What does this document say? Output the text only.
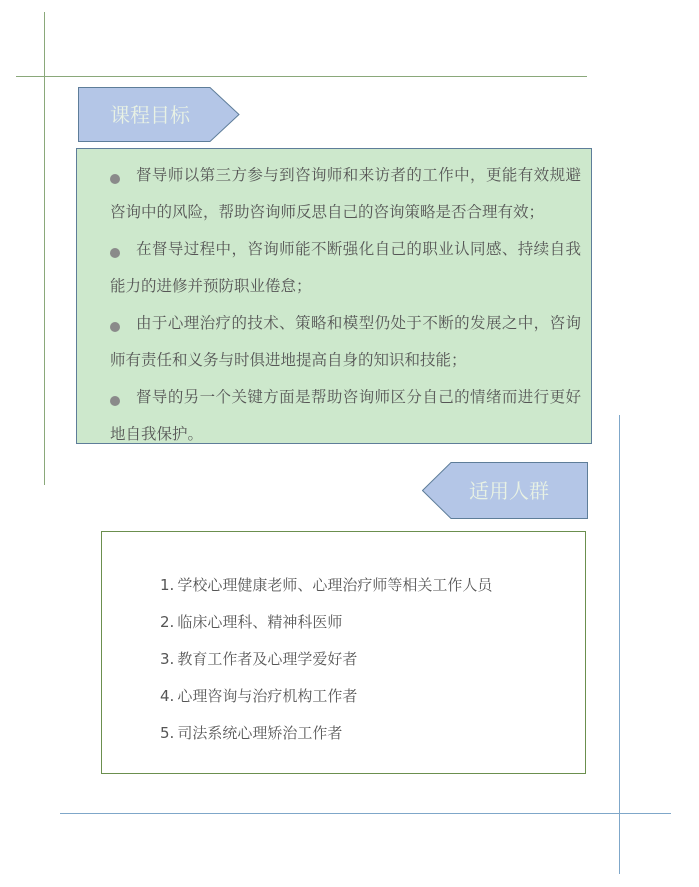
课程目标
督导师以第三方参与到咨询师和来访者的工作中，更能有效规避咨询中的风险，帮助咨询师反思自己的咨询策略是否合理有效；
在督导过程中，咨询师能不断强化自己的职业认同感、持续自我能力的进修并预防职业倦怠；
由于心理治疗的技术、策略和模型仍处于不断的发展之中，咨询师有责任和义务与时俱进地提高自身的知识和技能；
督导的另一个关键方面是帮助咨询师区分自己的情绪而进行更好地自我保护。
适用人群
1. 学校心理健康老师、心理治疗师等相关工作人员
2. 临床心理科、精神科医师
3. 教育工作者及心理学爱好者
4. 心理咨询与治疗机构工作者
5. 司法系统心理矫治工作者
